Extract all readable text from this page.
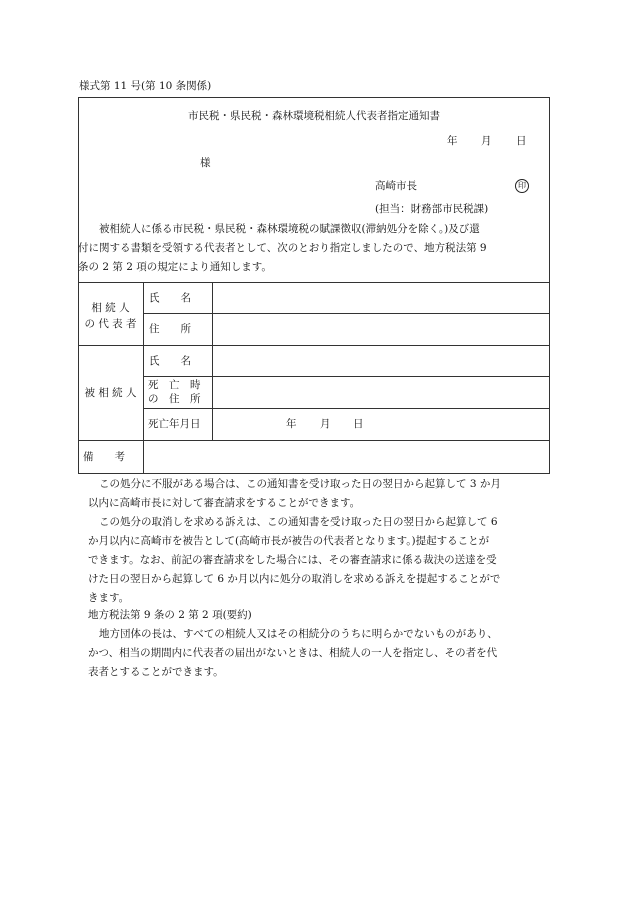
様式第 11 号(第 10 条関係)
市民税・県民税・森林環境税相続人代表者指定通知書
年 月 日
様
高崎市長	印
(担当：財務部市民税課)
被相続人に係る市民税・県民税・森林環境税の賦課徴収(滞納処分を除く。)及び還
付に関する書類を受領する代表者として、次のとおり指定しましたので、地方税法第 9
条の 2 第 2 項の規定により通知します。
相 続 人
の 代 表 者
氏　　名
住　　所
被 相 続 人
氏　　名
死　亡　時
の　住　所
死亡年月日	年 月 日
備　　考
この処分に不服がある場合は、この通知書を受け取った日の翌日から起算して 3 か月
以内に高崎市長に対して審査請求をすることができます。
この処分の取消しを求める訴えは、この通知書を受け取った日の翌日から起算して 6
か月以内に高崎市を被告として(高崎市長が被告の代表者となります。)提起することが
できます。なお、前記の審査請求をした場合には、その審査請求に係る裁決の送達を受
けた日の翌日から起算して 6 か月以内に処分の取消しを求める訴えを提起することがで
きます。
地方税法第 9 条の 2 第 2 項(要約)
地方団体の長は、すべての相続人又はその相続分のうちに明らかでないものがあり、
かつ、相当の期間内に代表者の届出がないときは、相続人の一人を指定し、その者を代
表者とすることができます。
